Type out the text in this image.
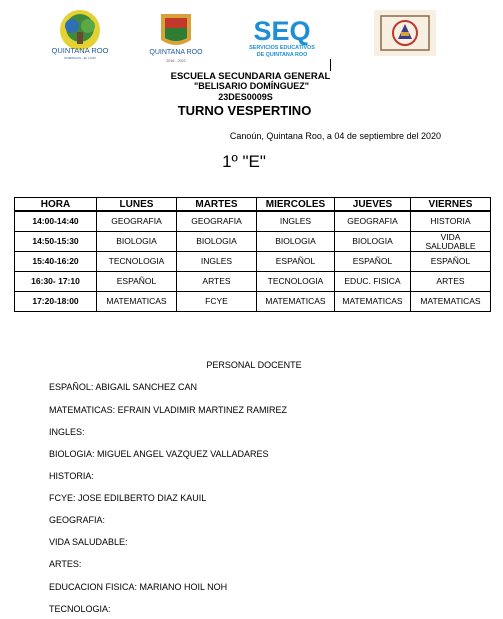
QUINTANA ROO
DOMINGOS · EL LUJO
QUINTANA ROO
2016 - 2022
SEQ
SERVICIOS EDUCATIVOS
DE QUINTANA ROO
ESCUELA SECUNDARIA GENERAL
"BELISARIO DOMÍNGUEZ"
23DES0009S
TURNO VESPERTINO
Canoún, Quintana Roo, a 04 de septiembre del 2020
1º "E"
HORA	LUNES	MARTES	MIERCOLES	JUEVES	VIERNES
14:00-14:40	GEOGRAFIA	GEOGRAFIA	INGLES	GEOGRAFIA	HISTORIA
14:50-15:30	BIOLOGIA	BIOLOGIA	BIOLOGIA	BIOLOGIA	VIDA SALUDABLE
15:40-16:20	TECNOLOGIA	INGLES	ESPAÑOL	ESPAÑOL	ESPAÑOL
16:30- 17:10	ESPAÑOL	ARTES	TECNOLOGIA	EDUC. FISICA	ARTES
17:20-18:00	MATEMATICAS	FCYE	MATEMATICAS	MATEMATICAS	MATEMATICAS
PERSONAL DOCENTE
ESPAÑOL: ABIGAIL SANCHEZ CAN
MATEMATICAS: EFRAIN VLADIMIR MARTINEZ RAMIREZ
INGLES:
BIOLOGIA: MIGUEL ANGEL VAZQUEZ VALLADARES
HISTORIA:
FCYE: JOSE EDILBERTO DIAZ KAUIL
GEOGRAFIA:
VIDA SALUDABLE:
ARTES:
EDUCACION FISICA: MARIANO HOIL NOH
TECNOLOGIA:
